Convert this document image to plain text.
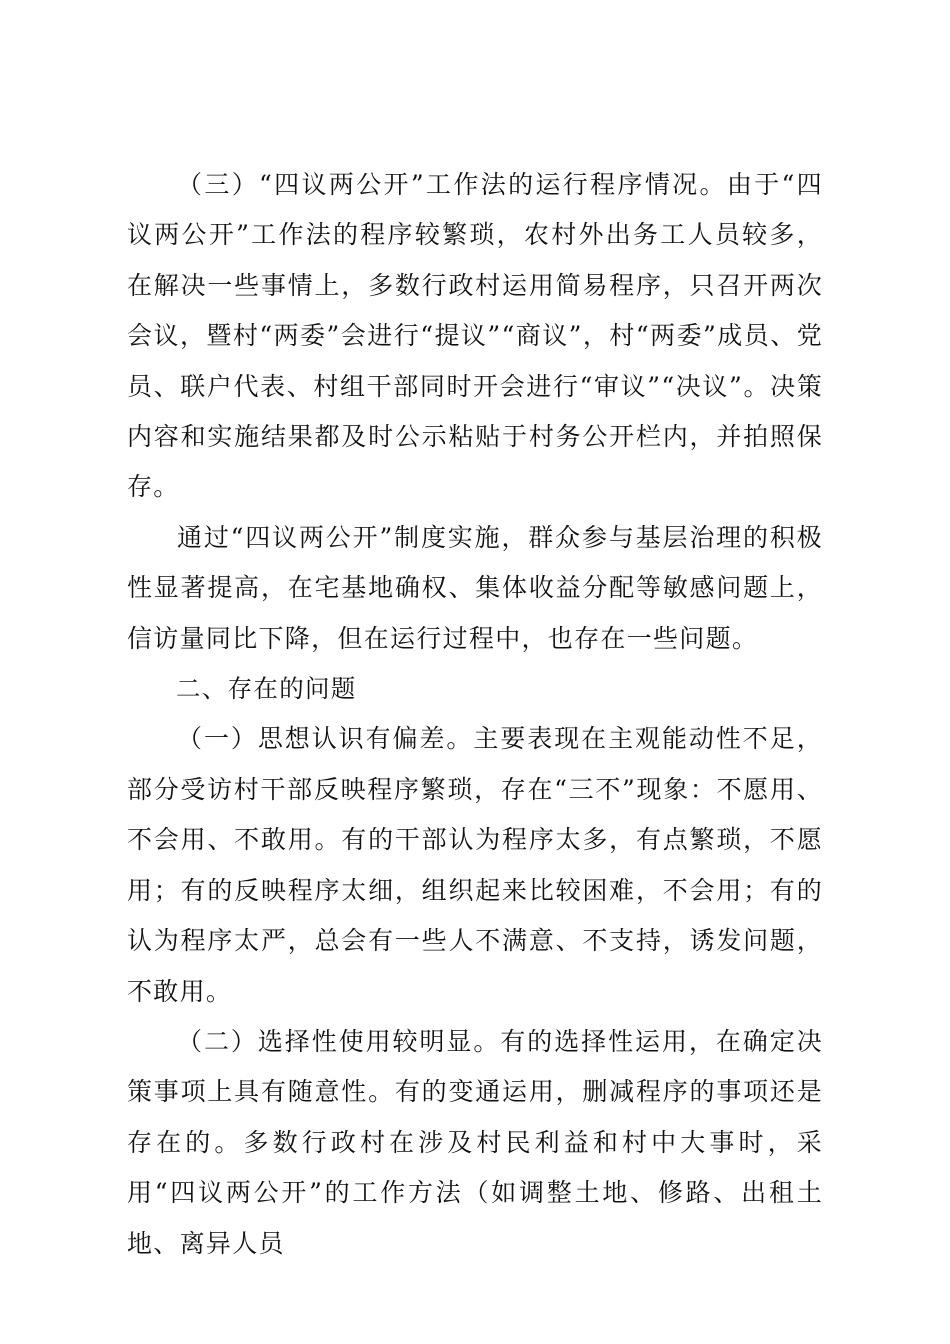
（三）“四议两公开”工作法的运行程序情况。由于“四议两公开”工作法的程序较繁琐，农村外出务工人员较多，在解决一些事情上，多数行政村运用简易程序，只召开两次会议，暨村“两委”会进行“提议”“商议”，村“两委”成员、党员、联户代表、村组干部同时开会进行“审议”“决议”。决策内容和实施结果都及时公示粘贴于村务公开栏内，并拍照保存。

通过“四议两公开”制度实施，群众参与基层治理的积极性显著提高，在宅基地确权、集体收益分配等敏感问题上，信访量同比下降，但在运行过程中，也存在一些问题。

二、存在的问题

（一）思想认识有偏差。主要表现在主观能动性不足，部分受访村干部反映程序繁琐，存在“三不”现象：不愿用、不会用、不敢用。有的干部认为程序太多，有点繁琐，不愿用；有的反映程序太细，组织起来比较困难，不会用；有的认为程序太严，总会有一些人不满意、不支持，诱发问题，不敢用。

（二）选择性使用较明显。有的选择性运用，在确定决策事项上具有随意性。有的变通运用，删减程序的事项还是存在的。多数行政村在涉及村民利益和村中大事时，采用“四议两公开”的工作方法（如调整土地、修路、出租土地、离异人员
